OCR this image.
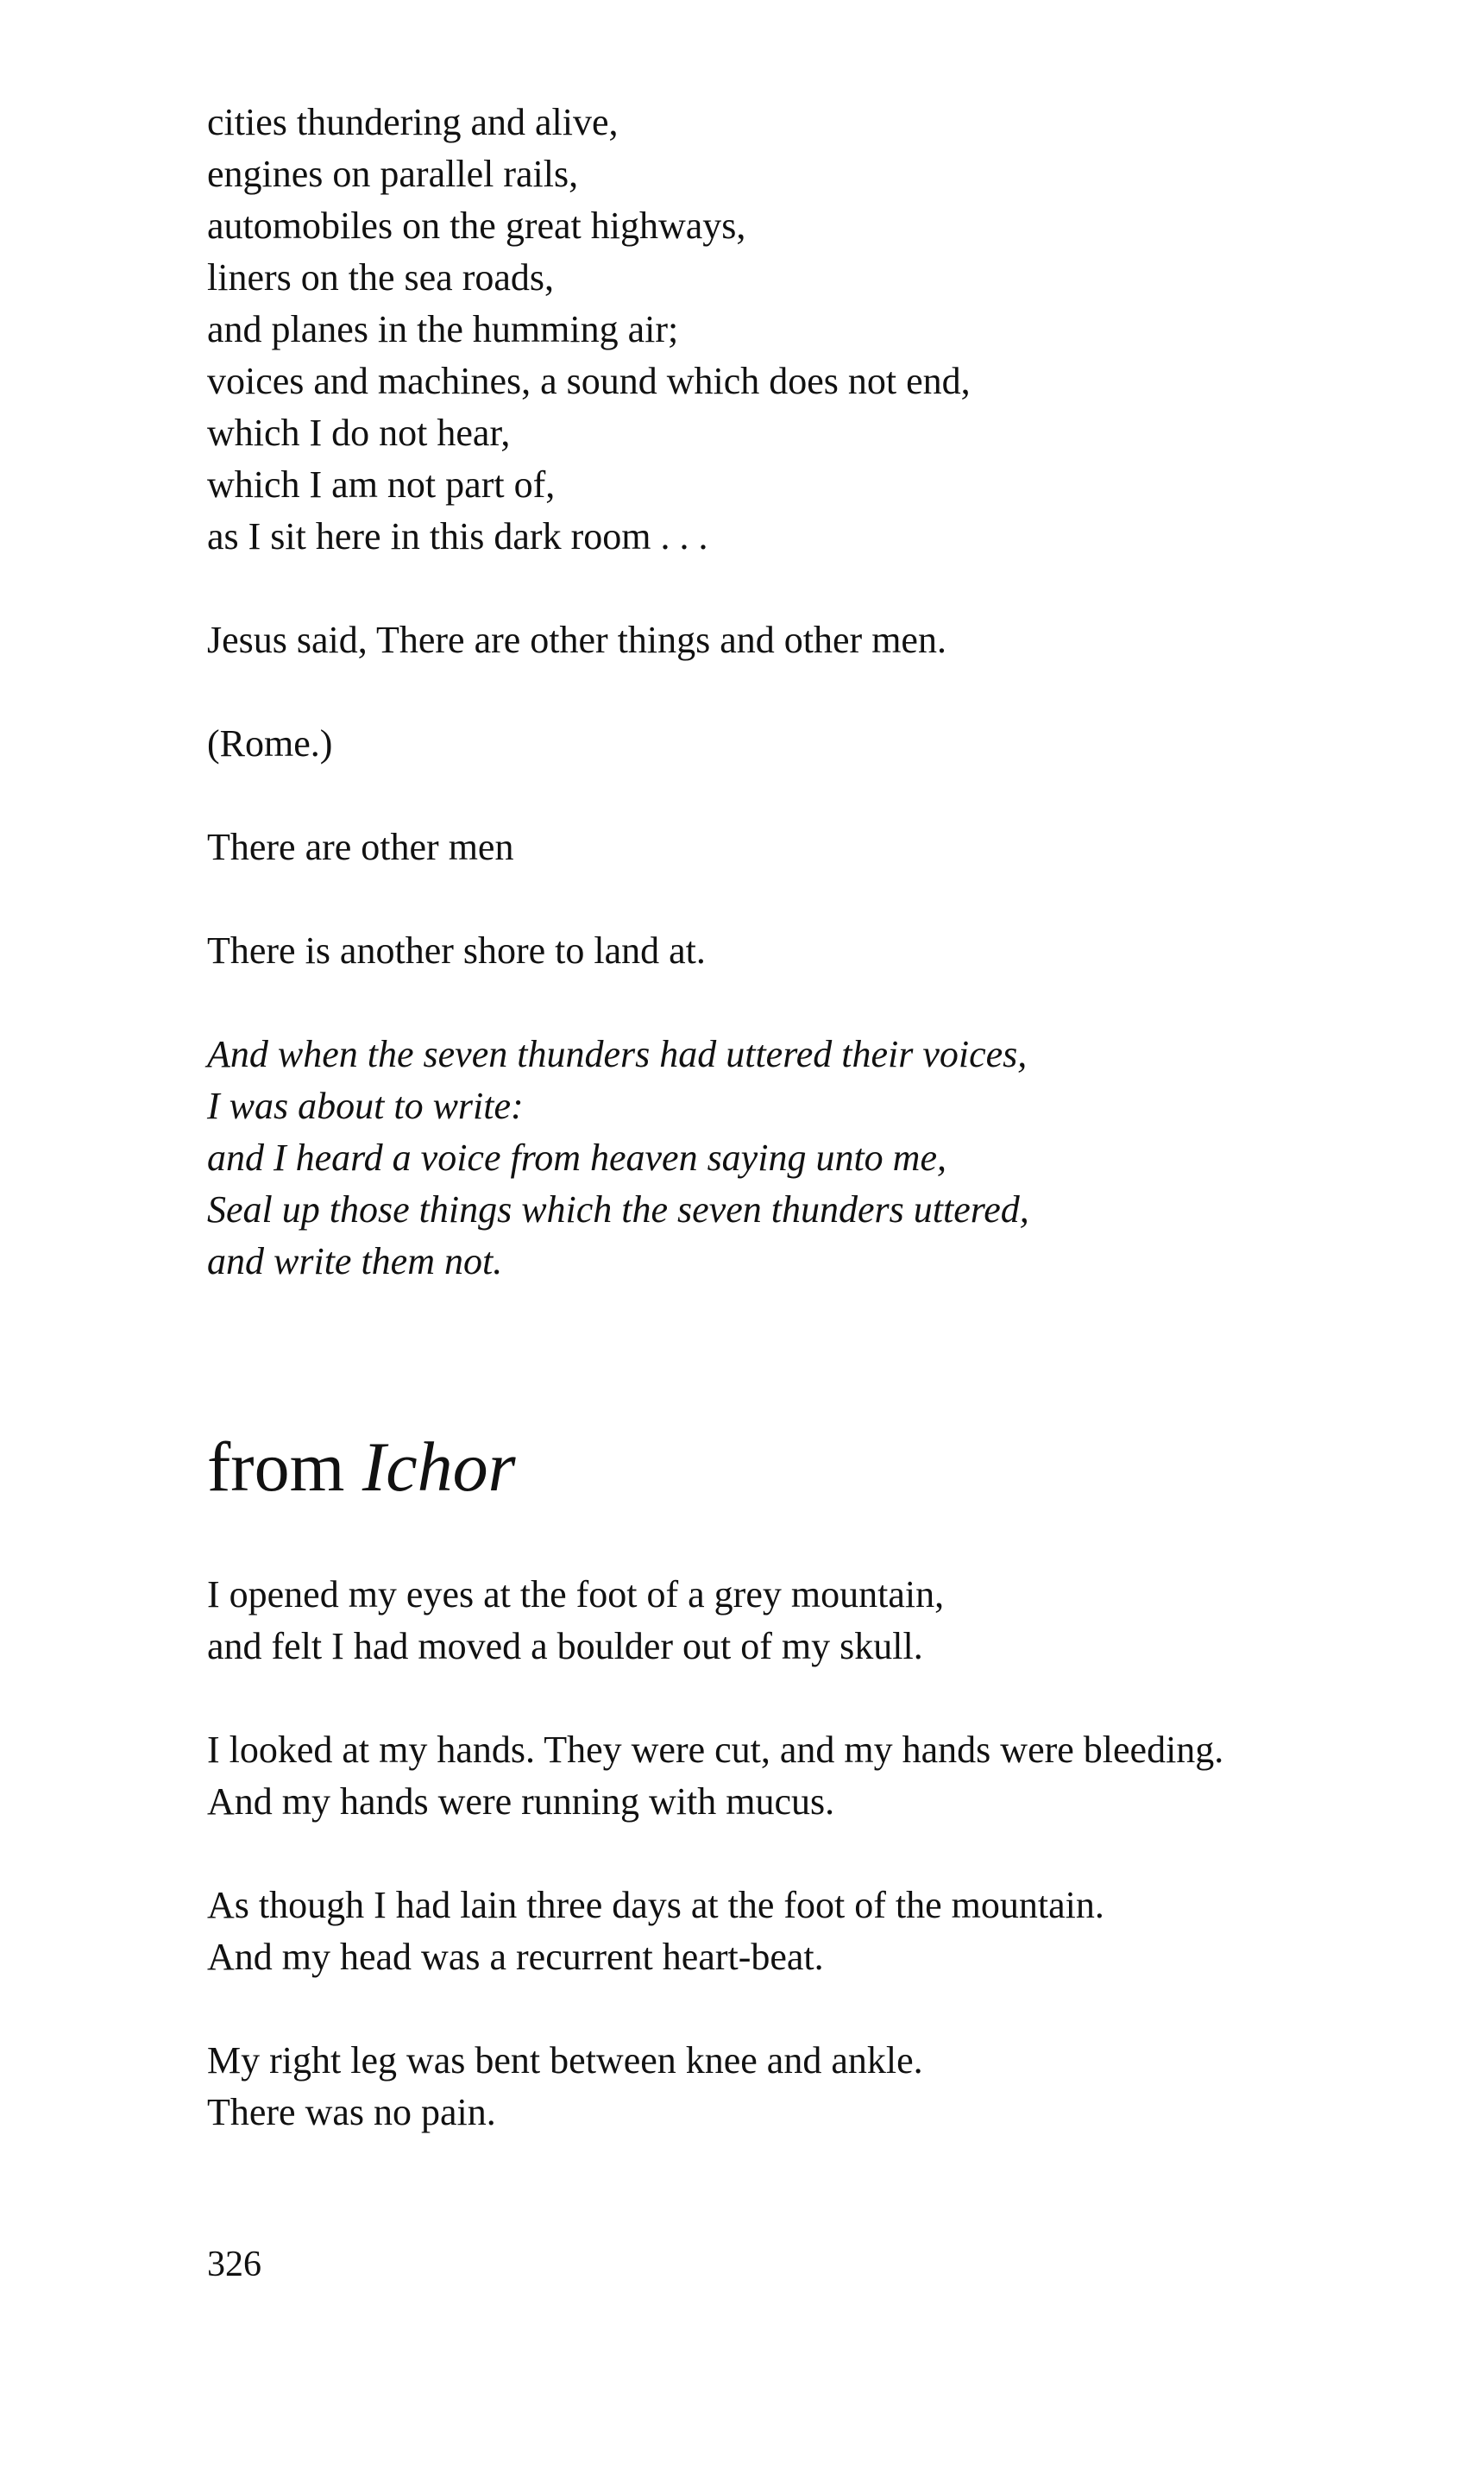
cities thundering and alive,

engines on parallel rails,

automobiles on the great highways,

liners on the sea roads,

and planes in the humming air;

voices and machines, a sound which does not end,

which I do not hear,

which I am not part of,

as I sit here in this dark room . . .

Jesus said, There are other things and other men.

(Rome.)

There are other men

There is another shore to land at.

And when the seven thunders had uttered their voices,

I was about to write:

and I heard a voice from heaven saying unto me,

Seal up those things which the seven thunders uttered,

and write them not.

from Ichor

I opened my eyes at the foot of a grey mountain,

and felt I had moved a boulder out of my skull.

I looked at my hands. They were cut, and my hands were bleeding.

And my hands were running with mucus.

As though I had lain three days at the foot of the mountain.

And my head was a recurrent heart-beat.

My right leg was bent between knee and ankle.

There was no pain.

326
